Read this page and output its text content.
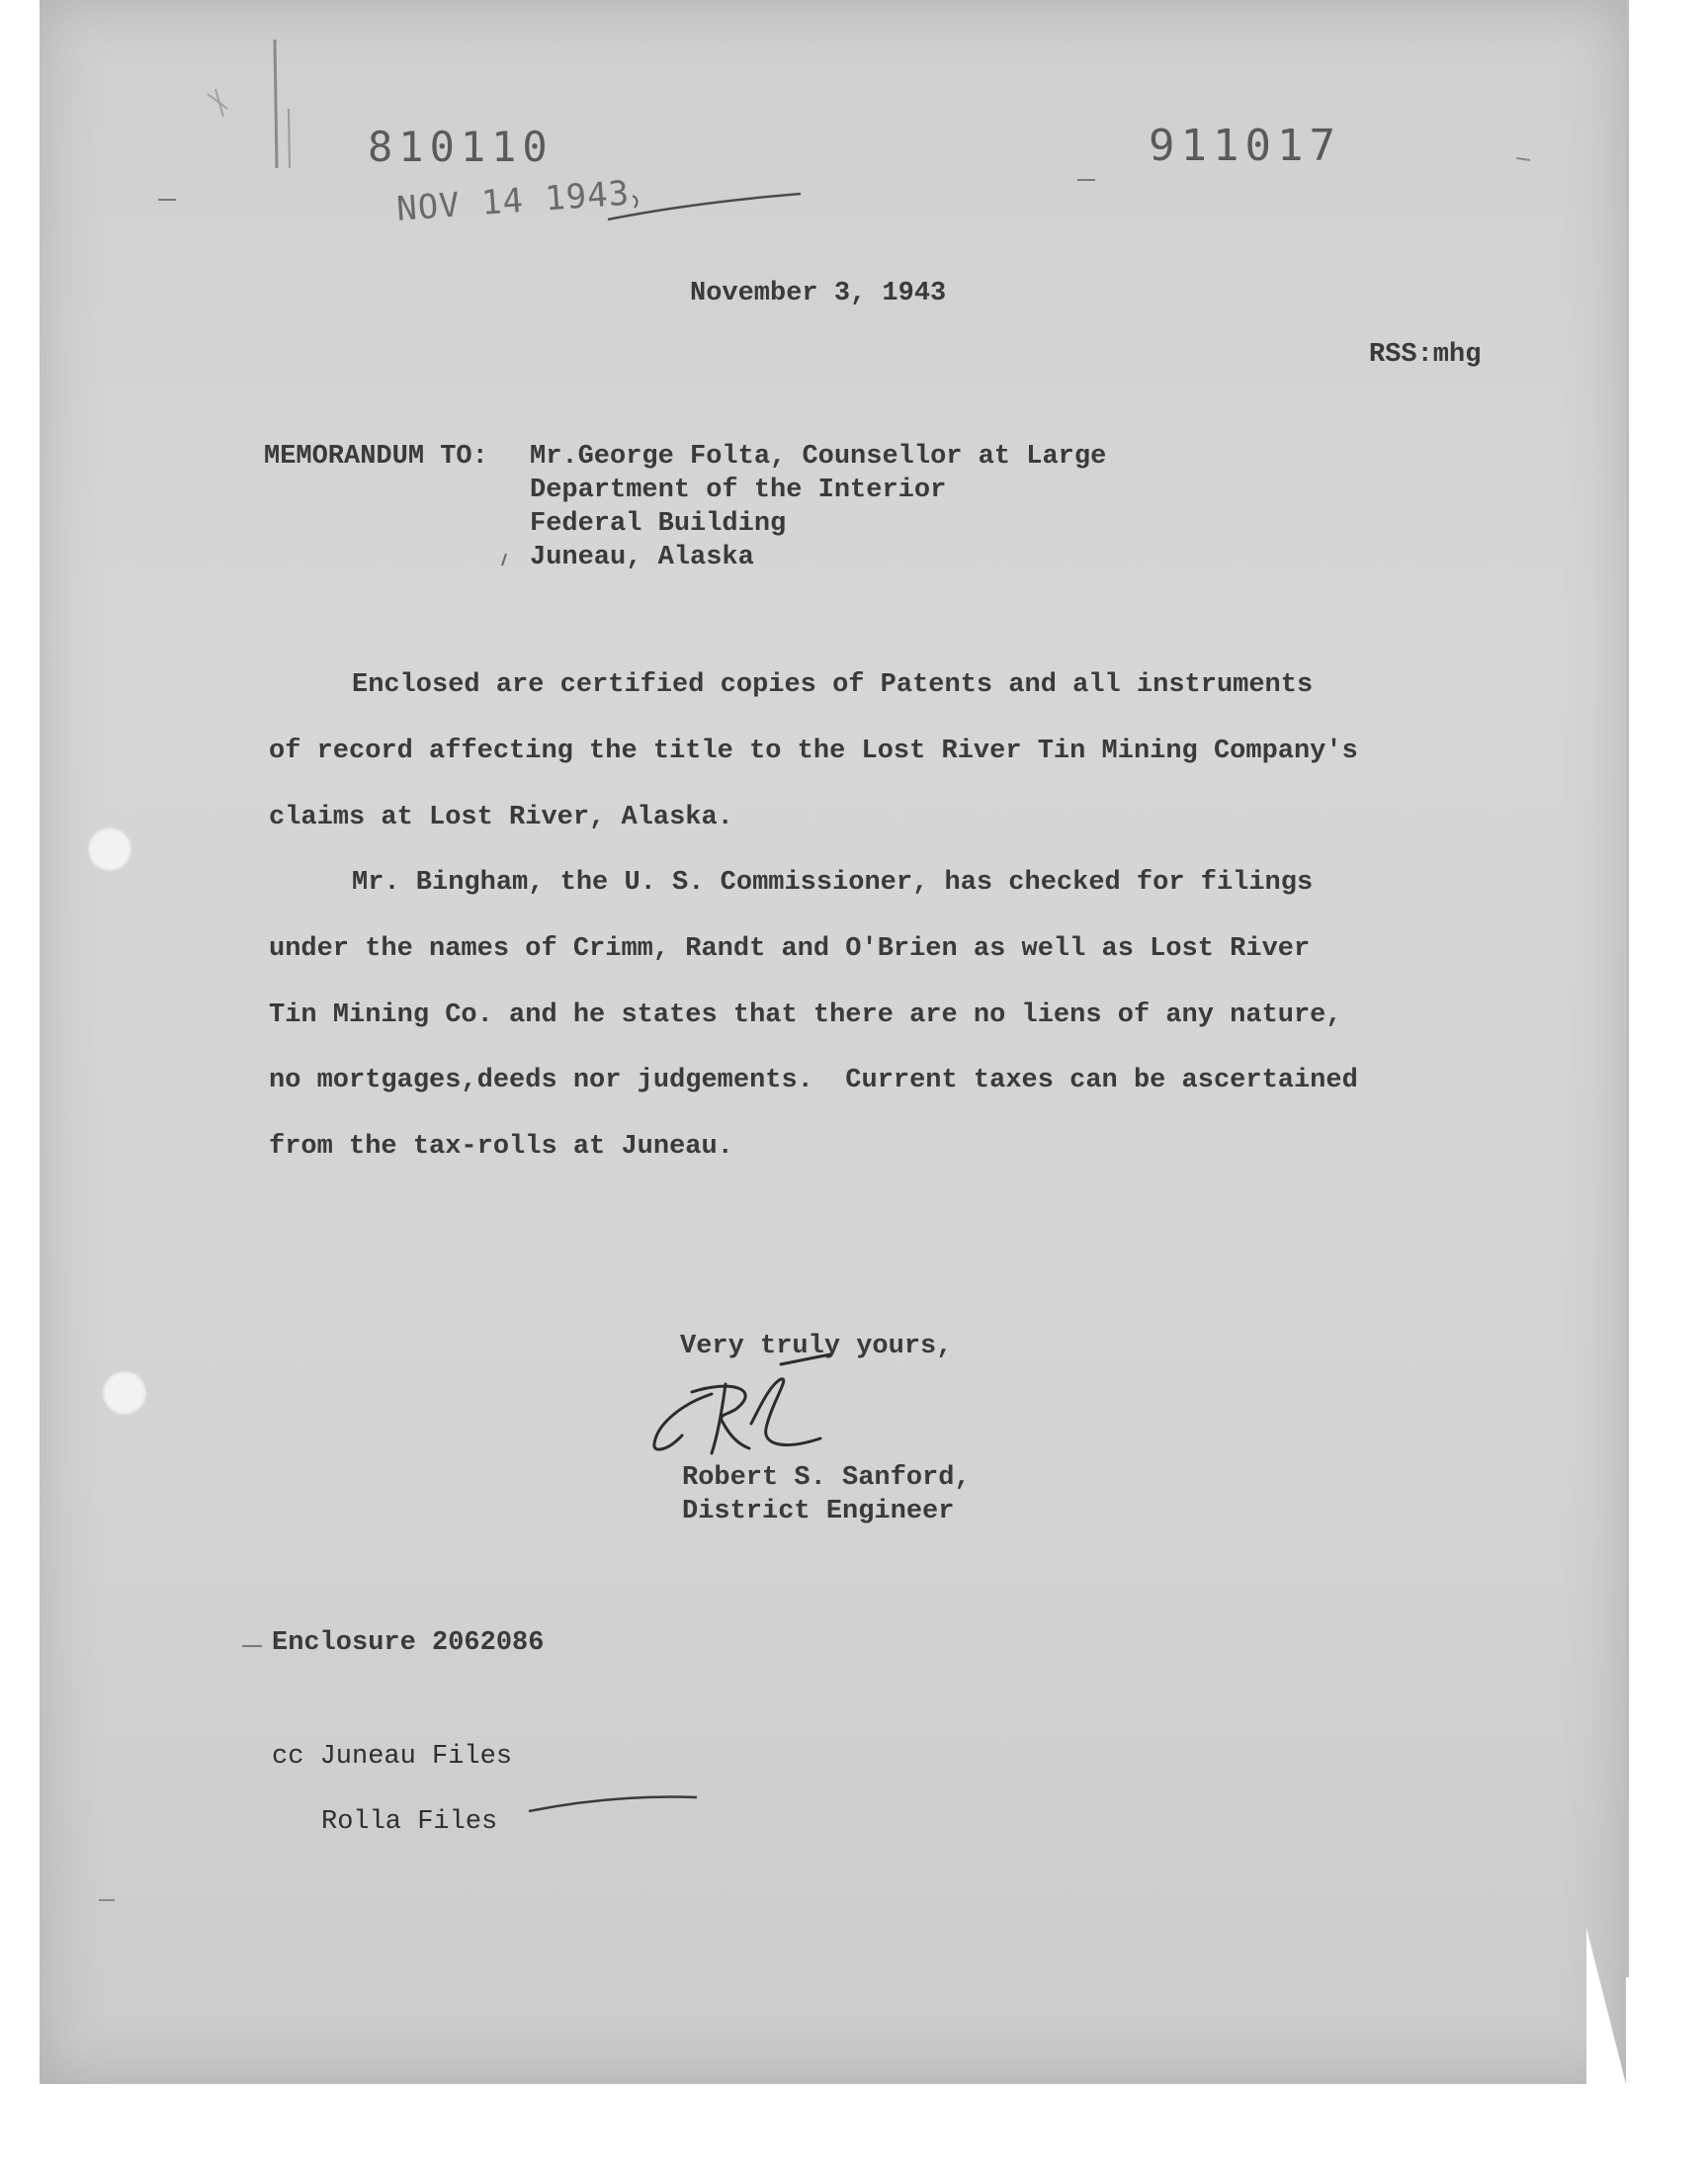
810110	911017
NOV 14 1943
November 3, 1943
RSS:mhg
MEMORANDUM TO: Mr.George Folta, Counsellor at Large
Department of the Interior
Federal Building
Juneau, Alaska
Enclosed are certified copies of Patents and all instruments
of record affecting the title to the Lost River Tin Mining Company's
claims at Lost River, Alaska.
Mr. Bingham, the U. S. Commissioner, has checked for filings
under the names of Crimm, Randt and O'Brien as well as Lost River
Tin Mining Co. and he states that there are no liens of any nature,
no mortgages,deeds nor judgements.  Current taxes can be ascertained
from the tax-rolls at Juneau.
Very truly yours,
Robert S. Sanford,
District Engineer
Enclosure 2062086
cc Juneau Files
Rolla Files
